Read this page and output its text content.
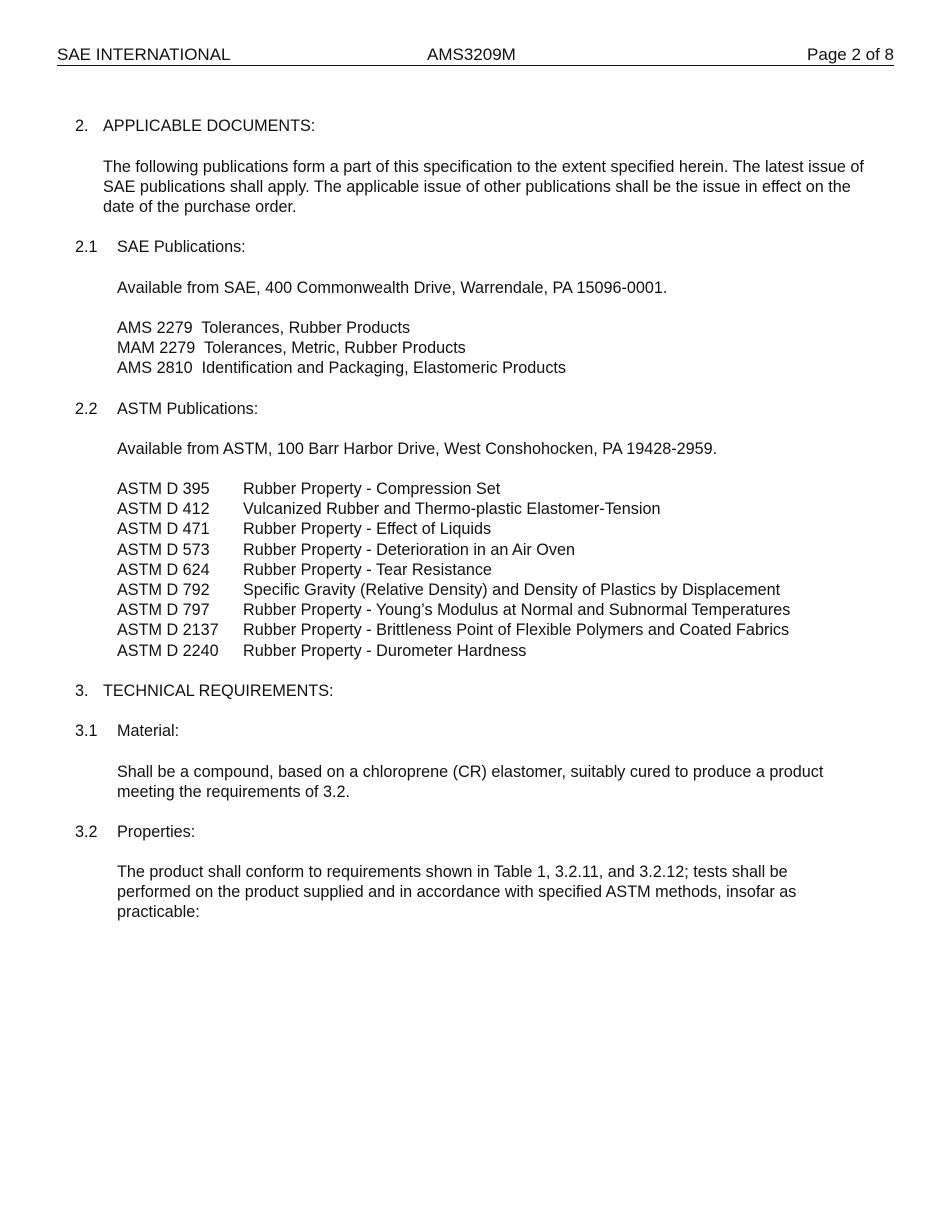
SAE INTERNATIONAL	AMS3209M	Page 2 of 8
2. APPLICABLE DOCUMENTS:
The following publications form a part of this specification to the extent specified herein. The latest issue of SAE publications shall apply. The applicable issue of other publications shall be the issue in effect on the date of the purchase order.
2.1 SAE Publications:
Available from SAE, 400 Commonwealth Drive, Warrendale, PA 15096-0001.
AMS 2279  Tolerances, Rubber Products
MAM 2279  Tolerances, Metric, Rubber Products
AMS 2810  Identification and Packaging, Elastomeric Products
2.2 ASTM Publications:
Available from ASTM, 100 Barr Harbor Drive, West Conshohocken, PA 19428-2959.
ASTM D 395 Rubber Property - Compression Set
ASTM D 412 Vulcanized Rubber and Thermo-plastic Elastomer-Tension
ASTM D 471 Rubber Property - Effect of Liquids
ASTM D 573 Rubber Property - Deterioration in an Air Oven
ASTM D 624 Rubber Property - Tear Resistance
ASTM D 792 Specific Gravity (Relative Density) and Density of Plastics by Displacement
ASTM D 797 Rubber Property - Young’s Modulus at Normal and Subnormal Temperatures
ASTM D 2137 Rubber Property - Brittleness Point of Flexible Polymers and Coated Fabrics
ASTM D 2240 Rubber Property - Durometer Hardness
3. TECHNICAL REQUIREMENTS:
3.1 Material:
Shall be a compound, based on a chloroprene (CR) elastomer, suitably cured to produce a product meeting the requirements of 3.2.
3.2 Properties:
The product shall conform to requirements shown in Table 1, 3.2.11, and 3.2.12; tests shall be performed on the product supplied and in accordance with specified ASTM methods, insofar as practicable:
